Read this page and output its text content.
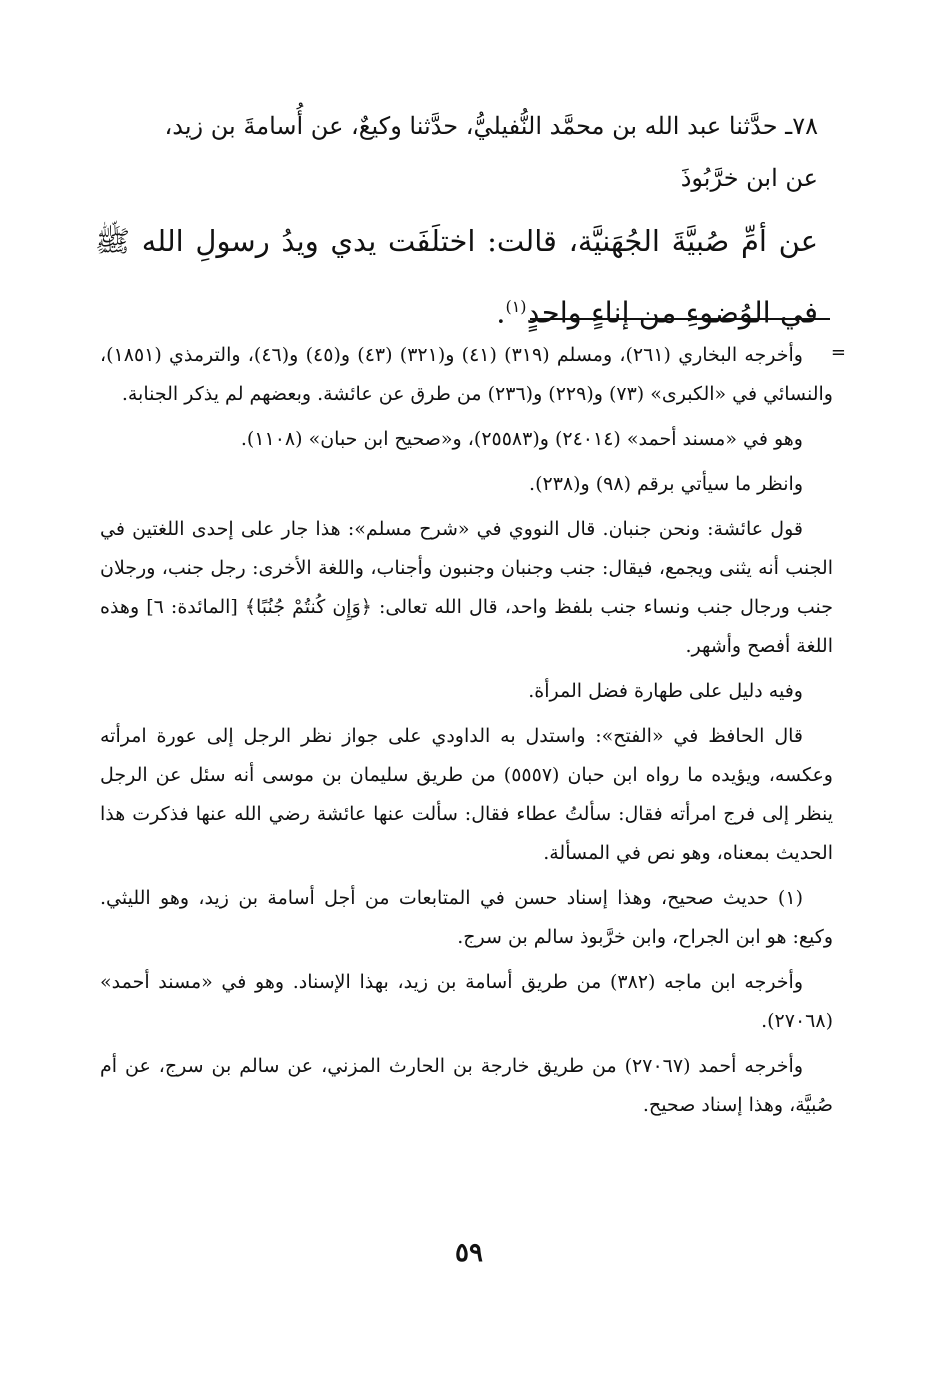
٧٨ـ حدَّثنا عبد الله بن محمَّد النُّفيليُّ، حدَّثنا وكيعٌ، عن أُسامةَ بن زيد،
عن ابن خرَّبُوذَ
عن أمِّ صُبيَّةَ الجُهَنيَّة، قالت: اختلَفَت يدي ويدُ رسولِ الله ﷺ في الوُضوءِ من إناءٍ واحدٍ$^{(١)}$.
=

وأخرجه البخاري (٢٦١)، ومسلم (٣١٩) (٤١) و(٣٢١) (٤٣) و(٤٥) و(٤٦)، والترمذي (١٨٥١)، والنسائي في «الكبرى» (٧٣) و(٢٢٩) و(٢٣٦) من طرق عن عائشة. وبعضهم لم يذكر الجنابة.

وهو في «مسند أحمد» (٢٤٠١٤) و(٢٥٥٨٣)، و«صحيح ابن حبان» (١١٠٨).

وانظر ما سيأتي برقم (٩٨) و(٢٣٨).

قول عائشة: ونحن جنبان. قال النووي في «شرح مسلم»: هذا جار على إحدى اللغتين في الجنب أنه يثنى ويجمع، فيقال: جنب وجنبان وجنبون وأجناب، واللغة الأخرى: رجل جنب، ورجلان جنب ورجال جنب ونساء جنب بلفظ واحد، قال الله تعالى: ﴿وَإِن كُنتُمْ جُنُبًا﴾ [المائدة: ٦] وهذه اللغة أفصح وأشهر.

وفيه دليل على طهارة فضل المرأة.

قال الحافظ في «الفتح»: واستدل به الداودي على جواز نظر الرجل إلى عورة امرأته وعكسه، ويؤيده ما رواه ابن حبان (٥٥٥٧) من طريق سليمان بن موسى أنه سئل عن الرجل ينظر إلى فرج امرأته فقال: سألتُ عطاء فقال: سألت عنها عائشة رضي الله عنها فذكرت هذا الحديث بمعناه، وهو نص في المسألة.

(١) حديث صحيح، وهذا إسناد حسن في المتابعات من أجل أسامة بن زيد، وهو الليثي. وكيع: هو ابن الجراح، وابن خرَّبوذ سالم بن سرج.

وأخرجه ابن ماجه (٣٨٢) من طريق أسامة بن زيد، بهذا الإسناد. وهو في «مسند أحمد» (٢٧٠٦٨).

وأخرجه أحمد (٢٧٠٦٧) من طريق خارجة بن الحارث المزني، عن سالم بن سرج، عن أم صُبيَّة، وهذا إسناد صحيح.

٥٩
